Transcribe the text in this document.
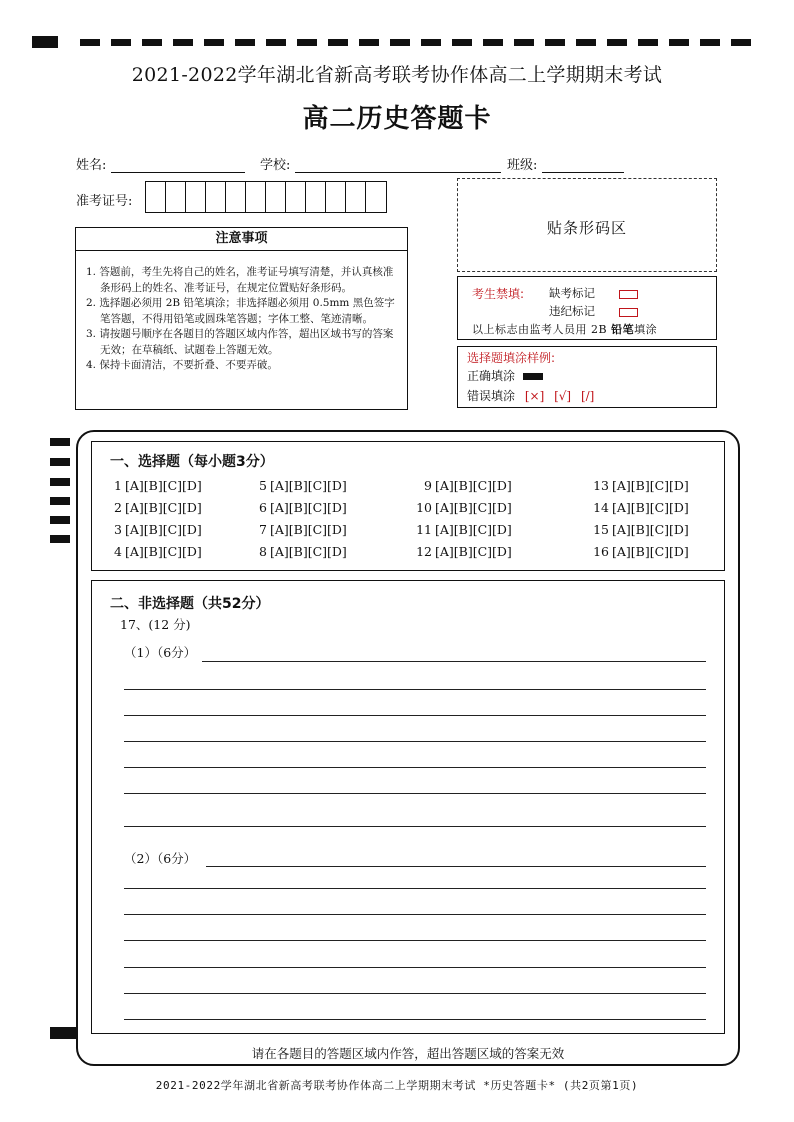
2021-2022学年湖北省新高考联考协作体高二上学期期末考试
高二历史答题卡
姓名:	学校:	班级:
准考证号:
注意事项
1. 答题前，考生先将自己的姓名，准考证号填写清楚，并认真核准条形码上的姓名、准考证号，在规定位置贴好条形码。
2. 选择题必须用 2B 铅笔填涂；非选择题必须用 0.5mm 黑色签字笔答题，不得用铅笔或圆珠笔答题；字体工整、笔迹清晰。
3. 请按题号顺序在各题目的答题区域内作答，超出区域书写的答案无效；在草稿纸、试题卷上答题无效。
4. 保持卡面清洁，不要折叠、不要弄破。
贴条形码区
考生禁填: 缺考标记
违纪标记
以上标志由监考人员用 2B 铅笔填涂
选择题填涂样例:
正确填涂
错误填涂 [×] [√] [/]
一、选择题（每小题3分）
1 [A][B][C][D]
2 [A][B][C][D]
3 [A][B][C][D]
4 [A][B][C][D]
5 [A][B][C][D]
6 [A][B][C][D]
7 [A][B][C][D]
8 [A][B][C][D]
9 [A][B][C][D]
10 [A][B][C][D]
11 [A][B][C][D]
12 [A][B][C][D]
13 [A][B][C][D]
14 [A][B][C][D]
15 [A][B][C][D]
16 [A][B][C][D]
二、非选择题（共52分）
17、(12 分)
（1）（6分）
（2）（6分）
请在各题目的答题区域内作答，超出答题区域的答案无效
2021-2022学年湖北省新高考联考协作体高二上学期期末考试 *历史答题卡* (共2页第1页)
